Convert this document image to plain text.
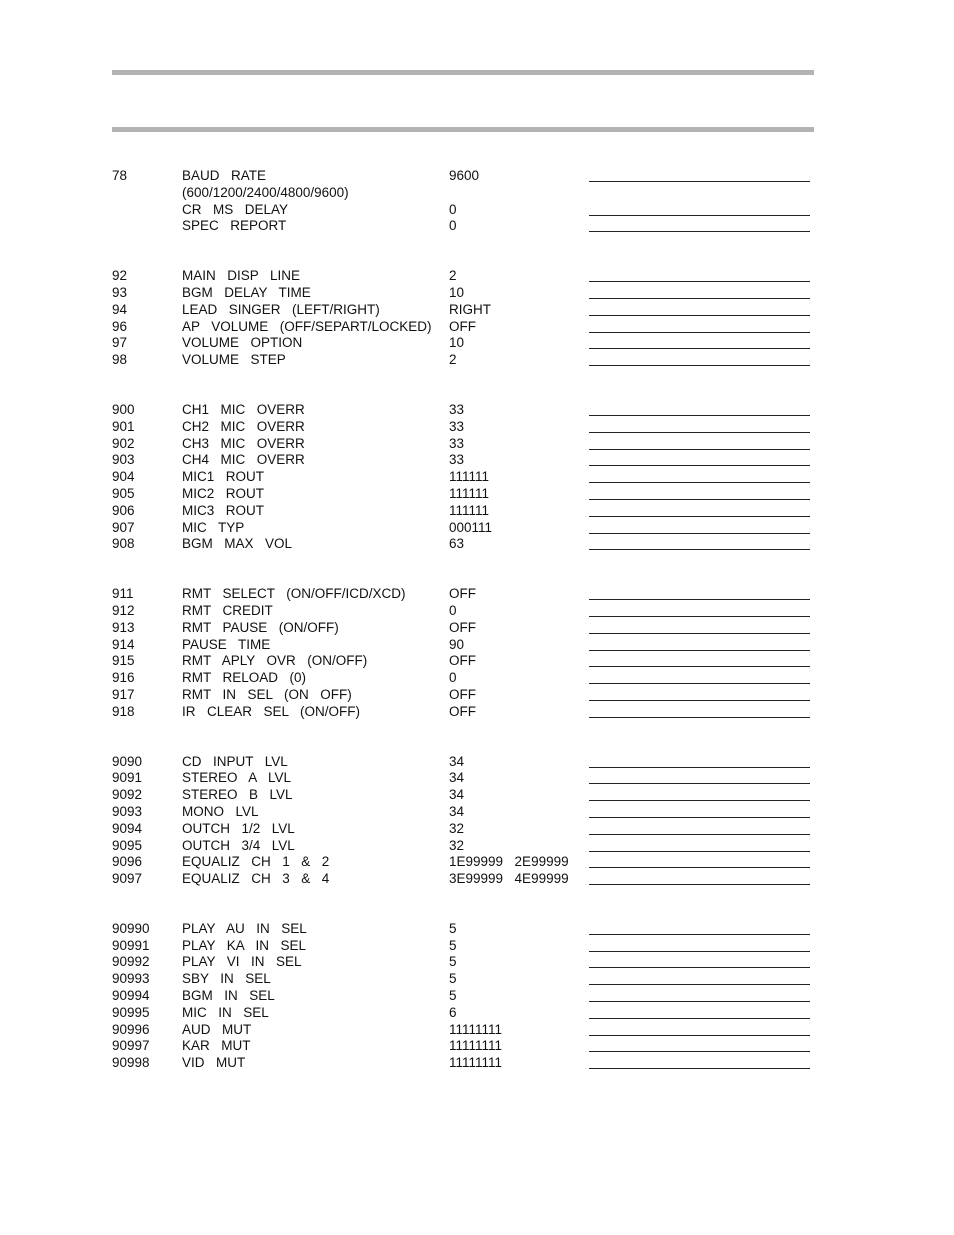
78	BAUD  RATE	9600
(600/1200/2400/4800/9600)
CR  MS  DELAY	0
SPEC  REPORT	0
92	MAIN  DISP  LINE	2
93	BGM  DELAY  TIME	10
94	LEAD  SINGER  (LEFT/RIGHT)	RIGHT
96	AP  VOLUME  (OFF/SEPART/LOCKED) OFF
97	VOLUME  OPTION	10
98	VOLUME  STEP	2
900	CH1  MIC  OVERR	33
901	CH2  MIC  OVERR	33
902	CH3  MIC  OVERR	33
903	CH4  MIC  OVERR	33
904	MIC1  ROUT	111111
905	MIC2  ROUT	111111
906	MIC3  ROUT	111111
907	MIC  TYP	000111
908	BGM  MAX  VOL	63
911	RMT  SELECT  (ON/OFF/ICD/XCD)	OFF
912	RMT  CREDIT	0
913	RMT  PAUSE  (ON/OFF)	OFF
914	PAUSE  TIME	90
915	RMT  APLY  OVR  (ON/OFF)	OFF
916	RMT  RELOAD  (0)	0
917	RMT  IN  SEL  (ON  OFF)	OFF
918	IR  CLEAR  SEL  (ON/OFF)	OFF
9090	CD  INPUT  LVL	34
9091	STEREO  A  LVL	34
9092	STEREO  B  LVL	34
9093	MONO  LVL	34
9094	OUTCH  1/2  LVL	32
9095	OUTCH  3/4  LVL	32
9096	EQUALIZ  CH  1  &  2	1E99999  2E99999
9097	EQUALIZ  CH  3  &  4	3E99999  4E99999
90990 PLAY  AU  IN  SEL	5
90991 PLAY  KA  IN  SEL	5
90992 PLAY  VI  IN  SEL	5
90993 SBY  IN  SEL	5
90994 BGM  IN  SEL	5
90995 MIC  IN  SEL	6
90996 AUD  MUT	11111111
90997 KAR  MUT	11111111
90998 VID  MUT	11111111
